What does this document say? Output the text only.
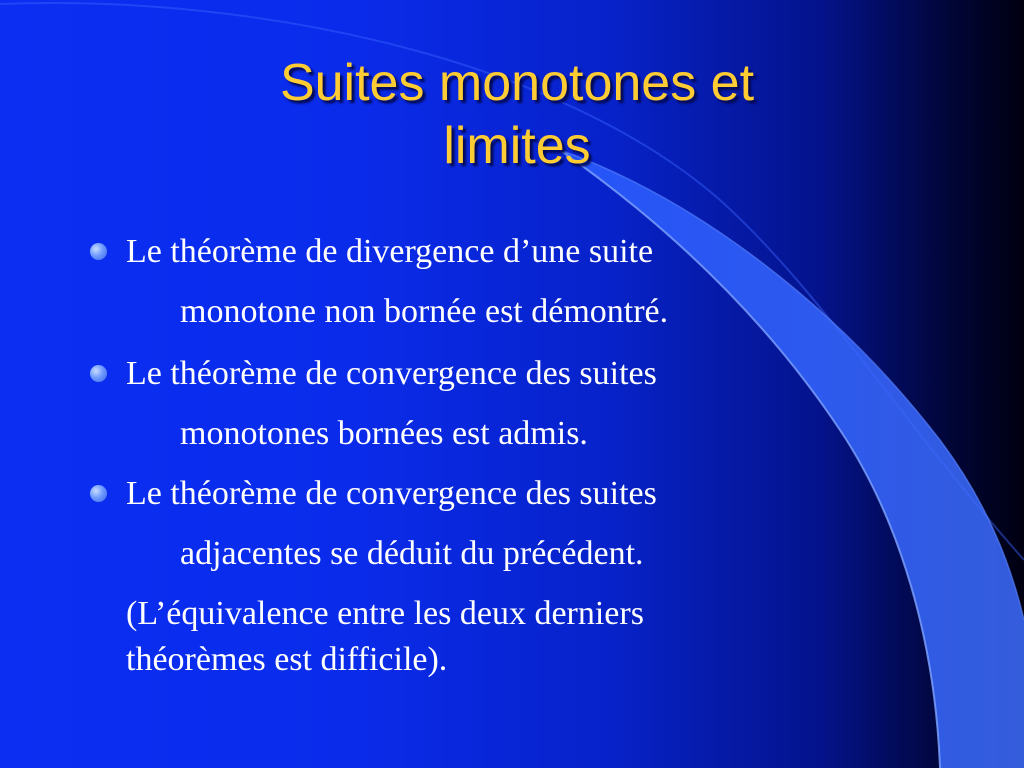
Suites monotones et
limites
Le théorème de divergence d’une suite
monotone non bornée est démontré.
Le théorème de convergence des suites
monotones bornées est admis.
Le théorème de convergence des suites
adjacentes se déduit du précédent.
(L’équivalence entre les deux derniers
théorèmes est difficile).
